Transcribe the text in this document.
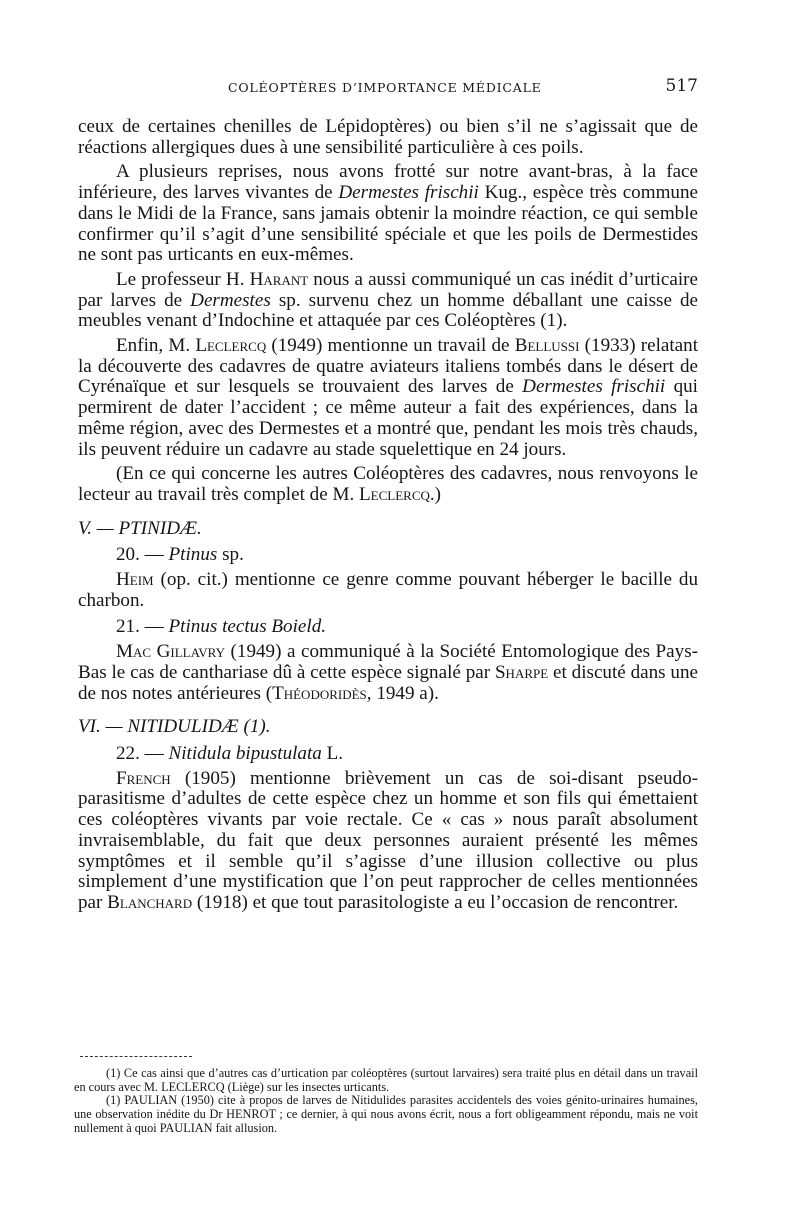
COLÉOPTÈRES D’IMPORTANCE MÉDICALE	517

ceux de certaines chenilles de Lépidoptères) ou bien s’il ne s’agissait que de réactions allergiques dues à une sensibilité particulière à ces poils.

A plusieurs reprises, nous avons frotté sur notre avant-bras, à la face inférieure, des larves vivantes de Dermestes frischii Kug., espèce très commune dans le Midi de la France, sans jamais obtenir la moindre réaction, ce qui semble confirmer qu’il s’agit d’une sensibilité spéciale et que les poils de Dermestides ne sont pas urticants en eux-mêmes.

Le professeur H. Harant nous a aussi communiqué un cas inédit d’urticaire par larves de Dermestes sp. survenu chez un homme déballant une caisse de meubles venant d’Indochine et attaquée par ces Coléoptères (1).

Enfin, M. Leclercq (1949) mentionne un travail de Bellussi (1933) relatant la découverte des cadavres de quatre aviateurs italiens tombés dans le désert de Cyrénaïque et sur lesquels se trouvaient des larves de Dermestes frischii qui permirent de dater l’accident ; ce même auteur a fait des expériences, dans la même région, avec des Dermestes et a montré que, pendant les mois très chauds, ils peuvent réduire un cadavre au stade squelettique en 24 jours.

(En ce qui concerne les autres Coléoptères des cadavres, nous renvoyons le lecteur au travail très complet de M. Leclercq.)

V. — PTINIDÆ.

20. — Ptinus sp.

Heim (op. cit.) mentionne ce genre comme pouvant héberger le bacille du charbon.

21. — Ptinus tectus Boield.

Mac Gillavry (1949) a communiqué à la Société Entomologique des Pays-Bas le cas de canthariase dû à cette espèce signalé par Sharpe et discuté dans une de nos notes antérieures (Théodoridès, 1949 a).

VI. — NITIDULIDÆ (1).

22. — Nitidula bipustulata L.

French (1905) mentionne brièvement un cas de soi-disant pseudo-parasitisme d’adultes de cette espèce chez un homme et son fils qui émettaient ces coléoptères vivants par voie rectale. Ce « cas » nous paraît absolument invraisemblable, du fait que deux personnes auraient présenté les mêmes symptômes et il semble qu’il s’agisse d’une illusion collective ou plus simplement d’une mystification que l’on peut rapprocher de celles mentionnées par Blanchard (1918) et que tout parasitologiste a eu l’occasion de rencontrer.

(1) Ce cas ainsi que d’autres cas d’urtication par coléoptères (surtout larvaires) sera traité plus en détail dans un travail en cours avec M. LECLERCQ (Liège) sur les insectes urticants.

(1) PAULIAN (1950) cite à propos de larves de Nitidulides parasites accidentels des voies génito-urinaires humaines, une observation inédite du Dr HENROT ; ce dernier, à qui nous avons écrit, nous a fort obligeamment répondu, mais ne voit nullement à quoi PAULIAN fait allusion.
